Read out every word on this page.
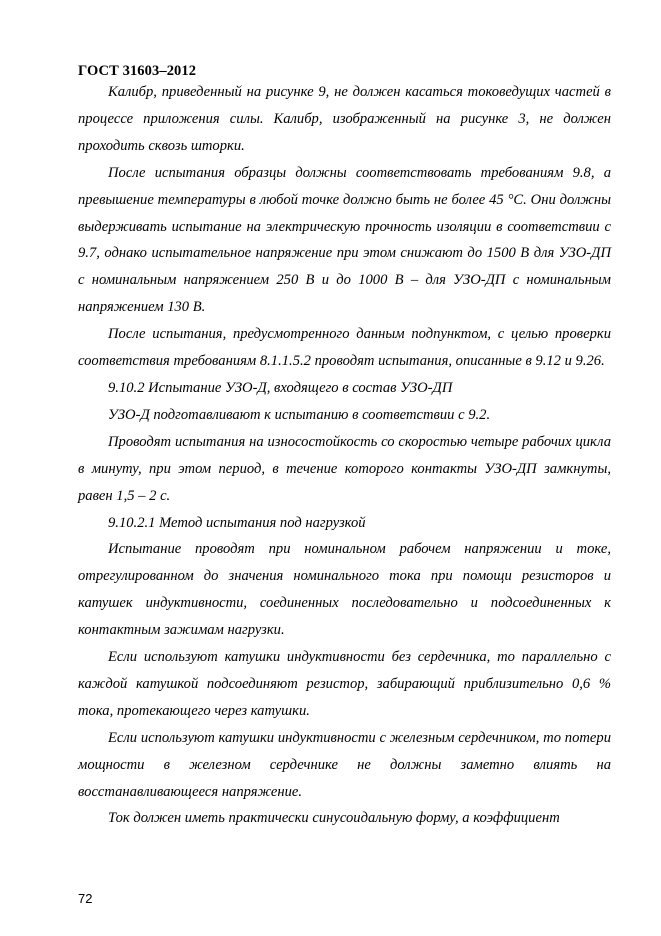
ГОСТ 31603–2012

Калибр, приведенный на рисунке 9, не должен касаться токоведущих частей в процессе приложения силы. Калибр, изображенный на рисунке 3, не должен проходить сквозь шторки.

После испытания образцы должны соответствовать требованиям 9.8, а превышение температуры в любой точке должно быть не более 45 °С. Они должны выдерживать испытание на электрическую прочность изоляции в соответствии с 9.7, однако испытательное напряжение при этом снижают до 1500 В для УЗО-ДП с номинальным напряжением 250 В и до 1000 В – для УЗО-ДП с номинальным напряжением 130 В.

После испытания, предусмотренного данным подпунктом, с целью проверки соответствия требованиям 8.1.1.5.2 проводят испытания, описанные в 9.12 и 9.26.

9.10.2 Испытание УЗО-Д, входящего в состав УЗО-ДП

УЗО-Д подготавливают к испытанию в соответствии с 9.2.

Проводят испытания на износостойкость со скоростью четыре рабочих цикла в минуту, при этом период, в течение которого контакты УЗО-ДП замкнуты, равен 1,5 – 2 с.

9.10.2.1 Метод испытания под нагрузкой

Испытание проводят при номинальном рабочем напряжении и токе, отрегулированном до значения номинального тока при помощи резисторов и катушек индуктивности, соединенных последовательно и подсоединенных к контактным зажимам нагрузки.

Если используют катушки индуктивности без сердечника, то параллельно с каждой катушкой подсоединяют резистор, забирающий приблизительно 0,6 % тока, протекающего через катушки.

Если используют катушки индуктивности с железным сердечником, то потери мощности в железном сердечнике не должны заметно влиять на восстанавливающееся напряжение.

Ток должен иметь практически синусоидальную форму, а коэффициент

72
